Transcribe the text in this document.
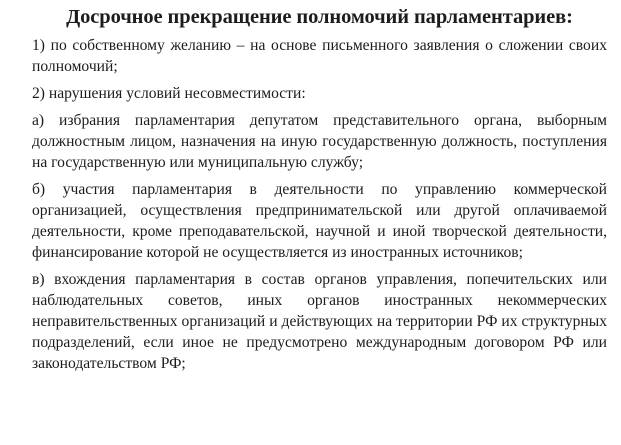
Досрочное прекращение полномочий парламентариев:

1) по собственному желанию – на основе письменного заявления о сложении своих полномочий;

2) нарушения условий несовместимости:

а) избрания парламентария депутатом представительного органа, выборным должностным лицом, назначения на иную государственную должность, поступления на государственную или муниципальную службу;

б) участия парламентария в деятельности по управлению коммерческой организацией, осуществления предпринимательской или другой оплачиваемой деятельности, кроме преподавательской, научной и иной творческой деятельности, финансирование которой не осуществляется из иностранных источников;

в) вхождения парламентария в состав органов управления, попечительских или наблюдательных советов, иных органов иностранных некоммерческих неправительственных организаций и действующих на территории РФ их структурных подразделений, если иное не предусмотрено международным договором РФ или законодательством РФ;
